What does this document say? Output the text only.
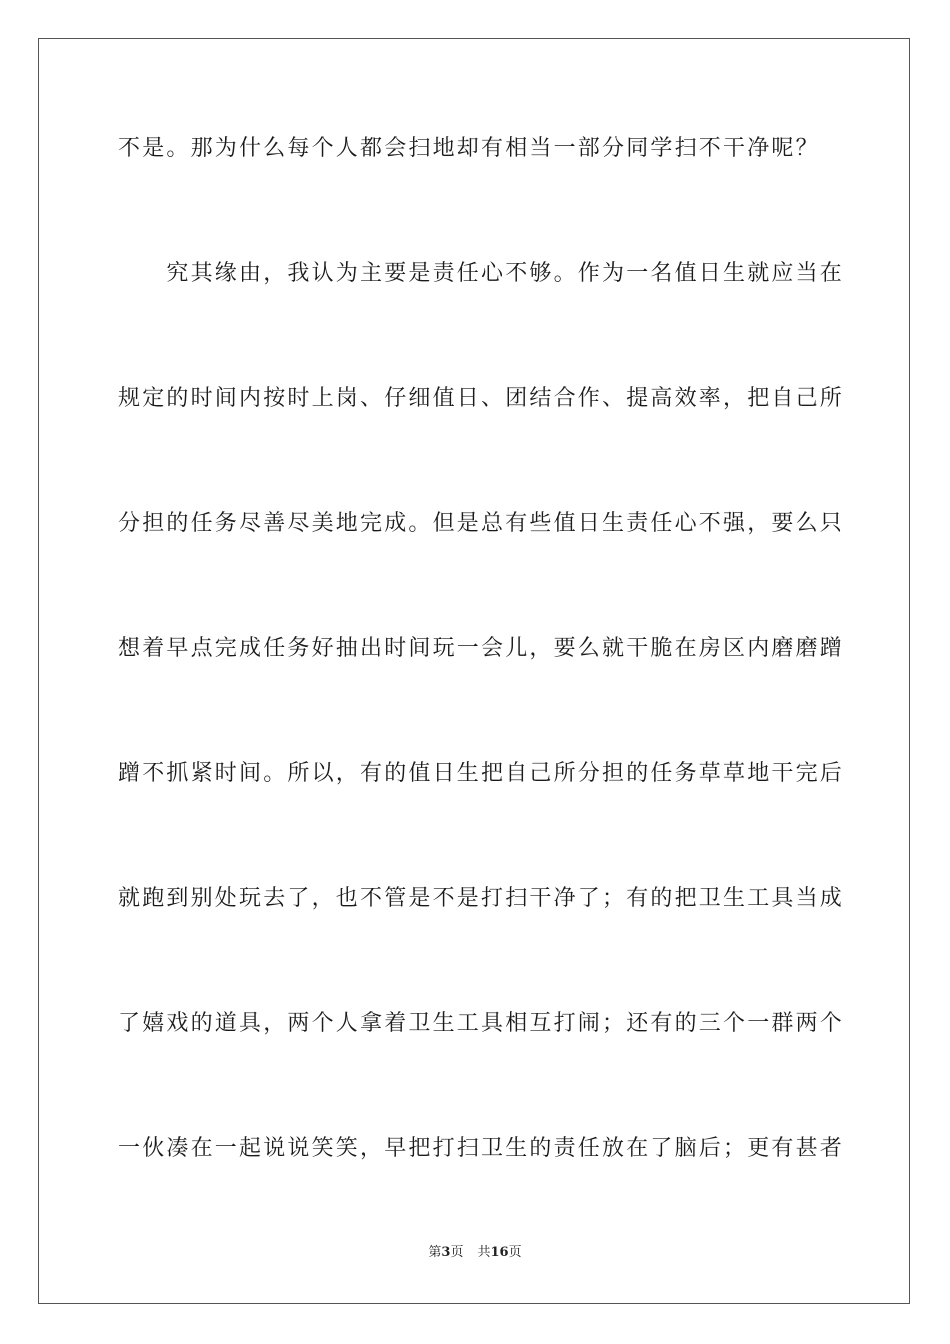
不是。那为什么每个人都会扫地却有相当一部分同学扫不干净呢？
　　究其缘由，我认为主要是责任心不够。作为一名值日生就应当在
规定的时间内按时上岗、仔细值日、团结合作、提高效率，把自己所
分担的任务尽善尽美地完成。但是总有些值日生责任心不强，要么只
想着早点完成任务好抽出时间玩一会儿，要么就干脆在房区内磨磨蹭
蹭不抓紧时间。所以，有的值日生把自己所分担的任务草草地干完后
就跑到别处玩去了，也不管是不是打扫干净了；有的把卫生工具当成
了嬉戏的道具，两个人拿着卫生工具相互打闹；还有的三个一群两个
一伙凑在一起说说笑笑，早把打扫卫生的责任放在了脑后；更有甚者
第3页 共16页
